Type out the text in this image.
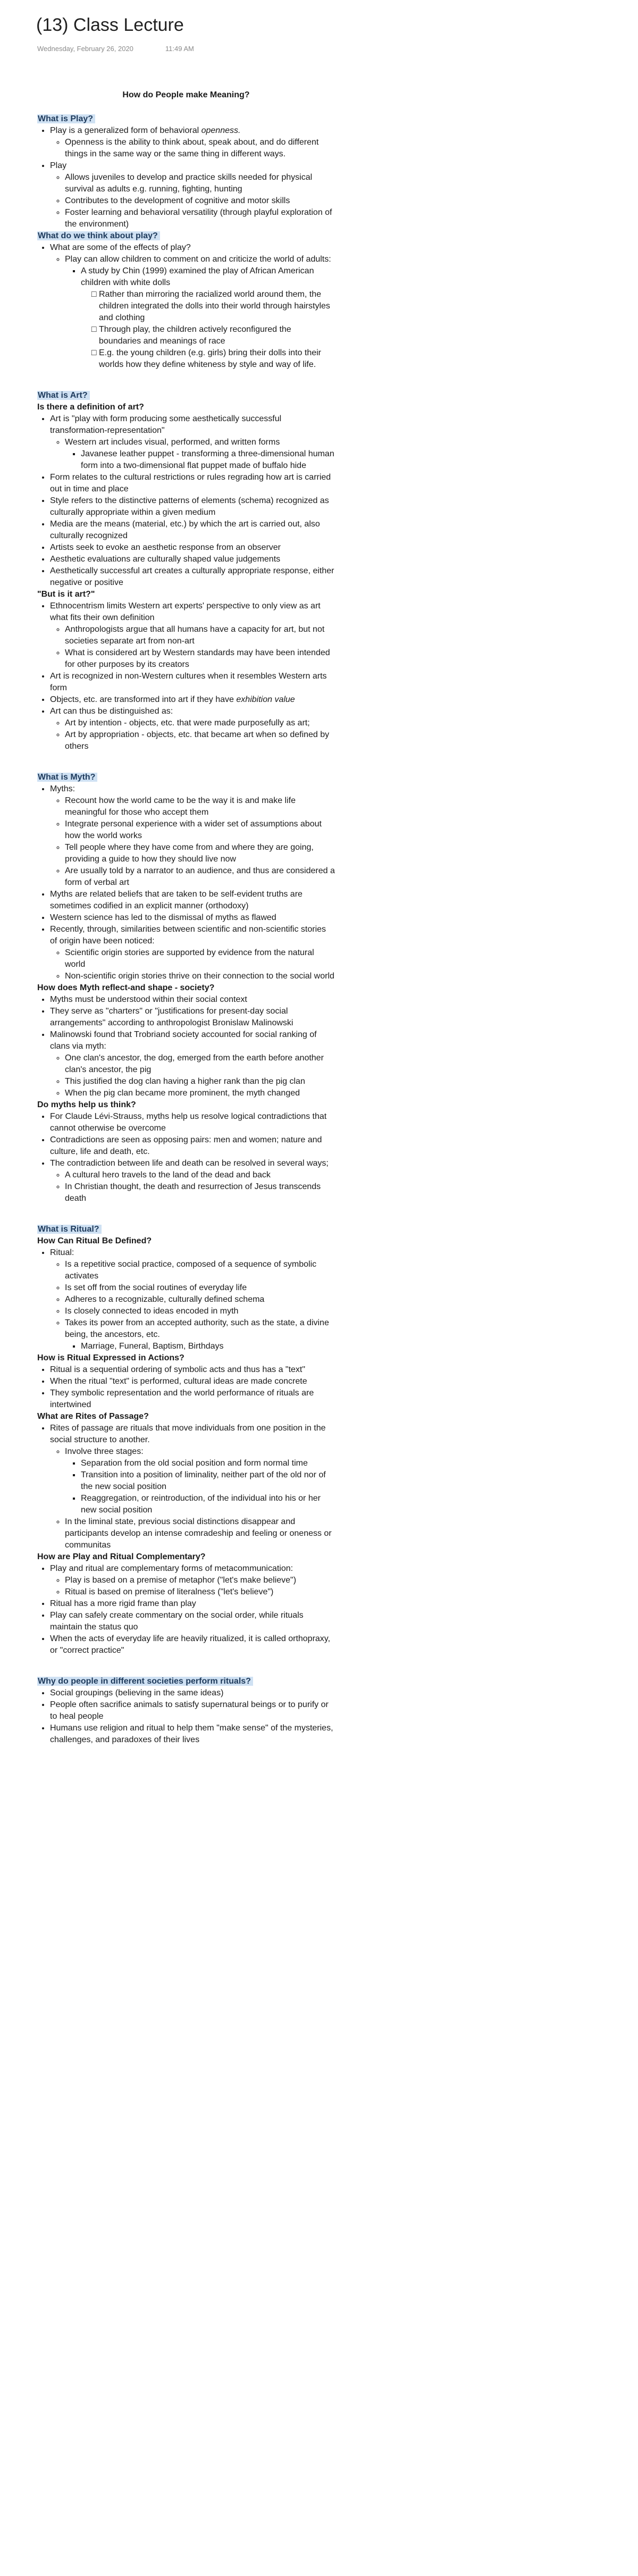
(13) Class Lecture
Wednesday, February 26, 2020	11:49 AM

How do People make Meaning?

What is Play?

• Play is a generalized form of behavioral openness.
◦ Openness is the ability to think about, speak about, and do different things in the same way or the same thing in different ways.
• Play
◦ Allows juveniles to develop and practice skills needed for physical survival as adults e.g. running, fighting, hunting
◦ Contributes to the development of cognitive and motor skills
◦ Foster learning and behavioral versatility (through playful exploration of the environment)

What do we think about play?

• What are some of the effects of play?
◦ Play can allow children to comment on and criticize the world of adults:
▪ A study by Chin (1999) examined the play of African American children with white dolls
□ Rather than mirroring the racialized world around them, the children integrated the dolls into their world through hairstyles and clothing
□ Through play, the children actively reconfigured the boundaries and meanings of race
□ E.g. the young children (e.g. girls) bring their dolls into their worlds how they define whiteness by style and way of life.

What is Art?

Is there a definition of art?

• Art is "play with form producing some aesthetically successful transformation-representation"
◦ Western art includes visual, performed, and written forms
▪ Javanese leather puppet - transforming a three-dimensional human form into a two-dimensional flat puppet made of buffalo hide
• Form relates to the cultural restrictions or rules regrading how art is carried out in time and place
• Style refers to the distinctive patterns of elements (schema) recognized as culturally appropriate within a given medium
• Media are the means (material, etc.) by which the art is carried out, also culturally recognized
• Artists seek to evoke an aesthetic response from an observer
• Aesthetic evaluations are culturally shaped value judgements
• Aesthetically successful art creates a culturally appropriate response, either negative or positive

"But is it art?"

• Ethnocentrism limits Western art experts' perspective to only view as art what fits their own definition
◦ Anthropologists argue that all humans have a capacity for art, but not societies separate art from non-art
◦ What is considered art by Western standards may have been intended for other purposes by its creators
• Art is recognized in non-Western cultures when it resembles Western arts form
• Objects, etc. are transformed into art if they have exhibition value
• Art can thus be distinguished as:
◦ Art by intention - objects, etc. that were made purposefully as art;
◦ Art by appropriation - objects, etc. that became art when so defined by others

What is Myth?

• Myths:
◦ Recount how the world came to be the way it is and make life meaningful for those who accept them
◦ Integrate personal experience with a wider set of assumptions about how the world works
◦ Tell people where they have come from and where they are going, providing a guide to how they should live now
◦ Are usually told by a narrator to an audience, and thus are considered a form of verbal art
• Myths are related beliefs that are taken to be self-evident truths are sometimes codified in an explicit manner (orthodoxy)
• Western science has led to the dismissal of myths as flawed
• Recently, through, similarities between scientific and non-scientific stories of origin have been noticed:
◦ Scientific origin stories are supported by evidence from the natural world
◦ Non-scientific origin stories thrive on their connection to the social world

How does Myth reflect-and shape - society?

• Myths must be understood within their social context
• They serve as "charters" or "justifications for present-day social arrangements" according to anthropologist Bronislaw Malinowski
• Malinowski found that Trobriand society accounted for social ranking of clans via myth:
◦ One clan's ancestor, the dog, emerged from the earth before another clan's ancestor, the pig
◦ This justified the dog clan having a higher rank than the pig clan
◦ When the pig clan became more prominent, the myth changed

Do myths help us think?

• For Claude Lévi-Strauss, myths help us resolve logical contradictions that cannot otherwise be overcome
• Contradictions are seen as opposing pairs: men and women; nature and culture, life and death, etc.
• The contradiction between life and death can be resolved in several ways;
◦ A cultural hero travels to the land of the dead and back
◦ In Christian thought, the death and resurrection of Jesus transcends death

What is Ritual?

How Can Ritual Be Defined?

• Ritual:
◦ Is a repetitive social practice, composed of a sequence of symbolic activates
◦ Is set off from the social routines of everyday life
◦ Adheres to a recognizable, culturally defined schema
◦ Is closely connected to ideas encoded in myth
◦ Takes its power from an accepted authority, such as the state, a divine being, the ancestors, etc.
▪ Marriage, Funeral, Baptism, Birthdays

How is Ritual Expressed in Actions?

• Ritual is a sequential ordering of symbolic acts and thus has a "text"
• When the ritual "text" is performed, cultural ideas are made concrete
• They symbolic representation and the world performance of rituals are intertwined

What are Rites of Passage?

• Rites of passage are rituals that move individuals from one position in the social structure to another.
◦ Involve three stages:
▪ Separation from the old social position and form normal time
▪ Transition into a position of liminality, neither part of the old nor of the new social position
▪ Reaggregation, or reintroduction, of the individual into his or her new social position
◦ In the liminal state, previous social distinctions disappear and participants develop an intense comradeship and feeling or oneness or communitas

How are Play and Ritual Complementary?

• Play and ritual are complementary forms of metacommunication:
◦ Play is based on a premise of metaphor ("let's make believe")
◦ Ritual is based on premise of literalness ("let's believe")
• Ritual has a more rigid frame than play
• Play can safely create commentary on the social order, while rituals maintain the status quo
• When the acts of everyday life are heavily ritualized, it is called orthopraxy, or "correct practice"

Why do people in different societies perform rituals?

• Social groupings (believing in the same ideas)
• People often sacrifice animals to satisfy supernatural beings or to purify or to heal people
• Humans use religion and ritual to help them "make sense" of the mysteries, challenges, and paradoxes of their lives
